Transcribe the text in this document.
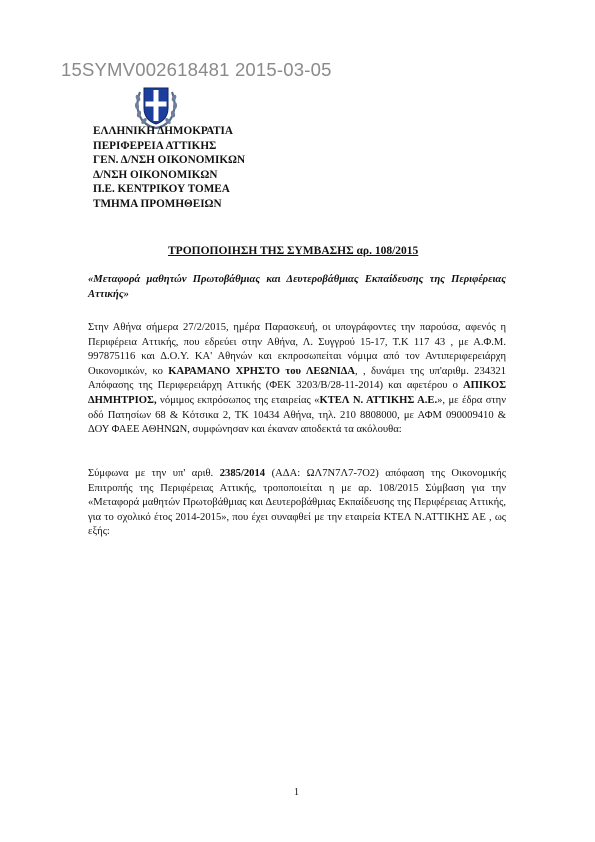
15SYMV002618481 2015-03-05
ΕΛΛΗΝΙΚΗ ΔΗΜΟΚΡΑΤΙΑ
ΠΕΡΙΦΕΡΕΙΑ ΑΤΤΙΚΗΣ
ΓΕΝ. Δ/ΝΣΗ ΟΙΚΟΝΟΜΙΚΩΝ
Δ/ΝΣΗ ΟΙΚΟΝΟΜΙΚΩΝ
Π.Ε. ΚΕΝΤΡΙΚΟΥ ΤΟΜΕΑ
ΤΜΗΜΑ ΠΡΟΜΗΘΕΙΩΝ
ΤΡΟΠΟΠΟΙΗΣΗ ΤΗΣ ΣΥΜΒΑΣΗΣ αρ. 108/2015
«Μεταφορά μαθητών Πρωτοβάθμιας και Δευτεροβάθμιας Εκπαίδευσης της Περιφέρειας Αττικής»
Στην Αθήνα σήμερα 27/2/2015, ημέρα Παρασκευή, οι υπογράφοντες την παρούσα, αφενός η Περιφέρεια Αττικής, που εδρεύει στην Αθήνα, Λ. Συγγρού 15-17, Τ.Κ 117 43 , με Α.Φ.Μ. 997875116 και Δ.Ο.Υ. ΚΑ' Αθηνών και εκπροσωπείται νόμιμα από τον Αντιπεριφερειάρχη Οικονομικών, κο ΚΑΡΑΜΑΝΟ ΧΡΗΣΤΟ του ΛΕΩΝΙΔΑ, , δυνάμει της υπ'αριθμ. 234321 Απόφασης της Περιφερειάρχη Αττικής (ΦΕΚ 3203/Β/28-11-2014) και αφετέρου ο ΑΠΙΚΟΣ ΔΗΜΗΤΡΙΟΣ, νόμιμος εκπρόσωπος της εταιρείας «ΚΤΕΛ Ν. ΑΤΤΙΚΗΣ Α.Ε.», με έδρα στην οδό Πατησίων 68 & Κότσικα 2, ΤΚ 10434 Αθήνα, τηλ. 210 8808000, με ΑΦΜ 090009410 & ΔΟΥ ΦΑΕΕ ΑΘΗΝΩΝ, συμφώνησαν και έκαναν αποδεκτά τα ακόλουθα:
Σύμφωνα με την υπ' αριθ. 2385/2014 (ΑΔΑ: ΩΛ7Ν7Λ7-7Ο2) απόφαση της Οικονομικής Επιτροπής της Περιφέρειας Αττικής, τροποποιείται η με αρ. 108/2015 Σύμβαση για την «Μεταφορά μαθητών Πρωτοβάθμιας και Δευτεροβάθμιας Εκπαίδευσης της Περιφέρειας Αττικής, για το σχολικό έτος 2014-2015», που έχει συναφθεί με την εταιρεία ΚΤΕΛ Ν.ΑΤΤΙΚΗΣ ΑΕ , ως εξής:
1
